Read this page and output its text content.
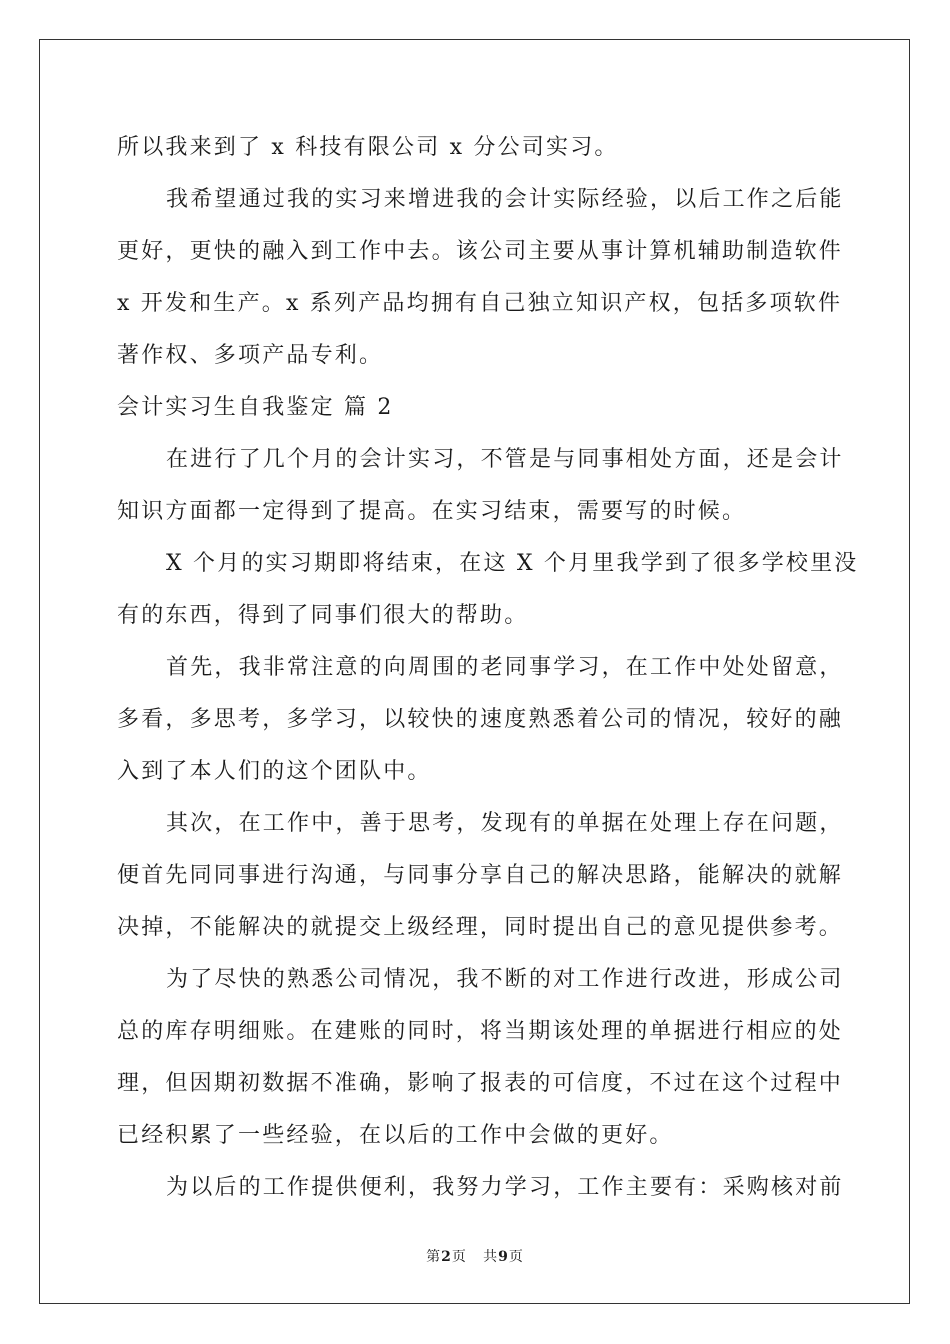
所以我来到了 x 科技有限公司 x 分公司实习。
我希望通过我的实习来增进我的会计实际经验，以后工作之后能
更好，更快的融入到工作中去。该公司主要从事计算机辅助制造软件
x 开发和生产。x 系列产品均拥有自己独立知识产权，包括多项软件
著作权、多项产品专利。
会计实习生自我鉴定 篇 2
在进行了几个月的会计实习，不管是与同事相处方面，还是会计
知识方面都一定得到了提高。在实习结束，需要写的时候。
X 个月的实习期即将结束，在这 X 个月里我学到了很多学校里没
有的东西，得到了同事们很大的帮助。
首先，我非常注意的向周围的老同事学习，在工作中处处留意，
多看，多思考，多学习，以较快的速度熟悉着公司的情况，较好的融
入到了本人们的这个团队中。
其次，在工作中，善于思考，发现有的单据在处理上存在问题，
便首先同同事进行沟通，与同事分享自己的解决思路，能解决的就解
决掉，不能解决的就提交上级经理，同时提出自己的意见提供参考。
为了尽快的熟悉公司情况，我不断的对工作进行改进，形成公司
总的库存明细账。在建账的同时，将当期该处理的单据进行相应的处
理，但因期初数据不准确，影响了报表的可信度，不过在这个过程中
已经积累了一些经验，在以后的工作中会做的更好。
为以后的工作提供便利，我努力学习，工作主要有：采购核对前
第2页   共9页
